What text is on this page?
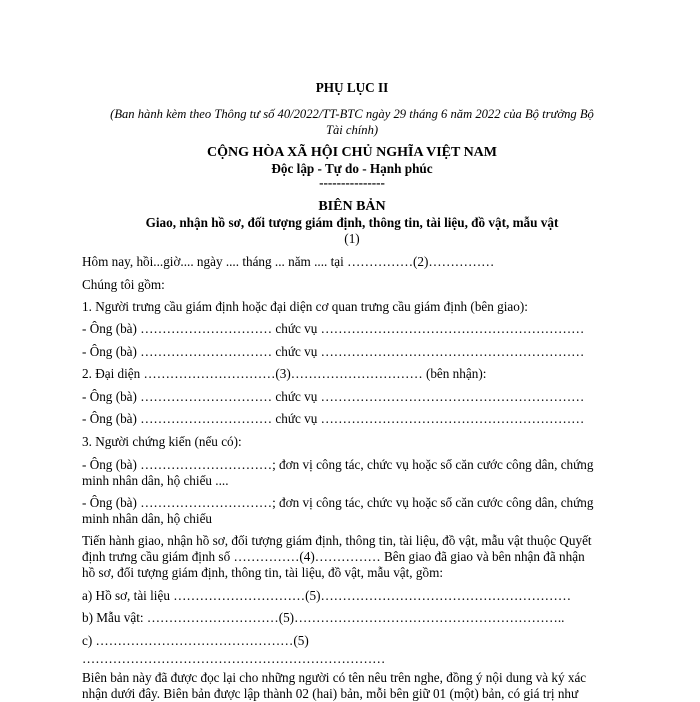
PHỤ LỤC II
(Ban hành kèm theo Thông tư số 40/2022/TT-BTC ngày 29 tháng 6 năm 2022 của Bộ trưởng Bộ
Tài chính)
CỘNG HÒA XÃ HỘI CHỦ NGHĨA VIỆT NAM
Độc lập - Tự do - Hạnh phúc
---------------
BIÊN BẢN
Giao, nhận hồ sơ, đối tượng giám định, thông tin, tài liệu, đồ vật, mẫu vật
(1)
Hôm nay, hồi...giờ.... ngày .... tháng ... năm .... tại ……………(2)……………
Chúng tôi gồm:
1. Người trưng cầu giám định hoặc đại diện cơ quan trưng cầu giám định (bên giao):
- Ông (bà) ………………………… chức vụ ……………………………………………………
- Ông (bà) ………………………… chức vụ ……………………………………………………
2. Đại diện …………………………(3)………………………… (bên nhận):
- Ông (bà) ………………………… chức vụ ……………………………………………………
- Ông (bà) ………………………… chức vụ ……………………………………………………
3. Người chứng kiến (nếu có):
- Ông (bà) …………………………; đơn vị công tác, chức vụ hoặc số căn cước công dân, chứng
minh nhân dân, hộ chiếu ....
- Ông (bà) …………………………; đơn vị công tác, chức vụ hoặc số căn cước công dân, chứng
minh nhân dân, hộ chiếu
Tiến hành giao, nhận hồ sơ, đối tượng giám định, thông tin, tài liệu, đồ vật, mẫu vật thuộc Quyết
định trưng cầu giám định số ……………(4)…………… Bên giao đã giao và bên nhận đã nhận
hồ sơ, đối tượng giám định, thông tin, tài liệu, đồ vật, mẫu vật, gồm:
a) Hồ sơ, tài liệu …………………………(5)…………………………………………………
b) Mẫu vật: …………………………(5)……………………………………………………..
c) ………………………………………(5)
……………………………………………………………
Biên bản này đã được đọc lại cho những người có tên nêu trên nghe, đồng ý nội dung và ký xác
nhận dưới đây. Biên bản được lập thành 02 (hai) bản, mỗi bên giữ 01 (một) bản, có giá trị như
